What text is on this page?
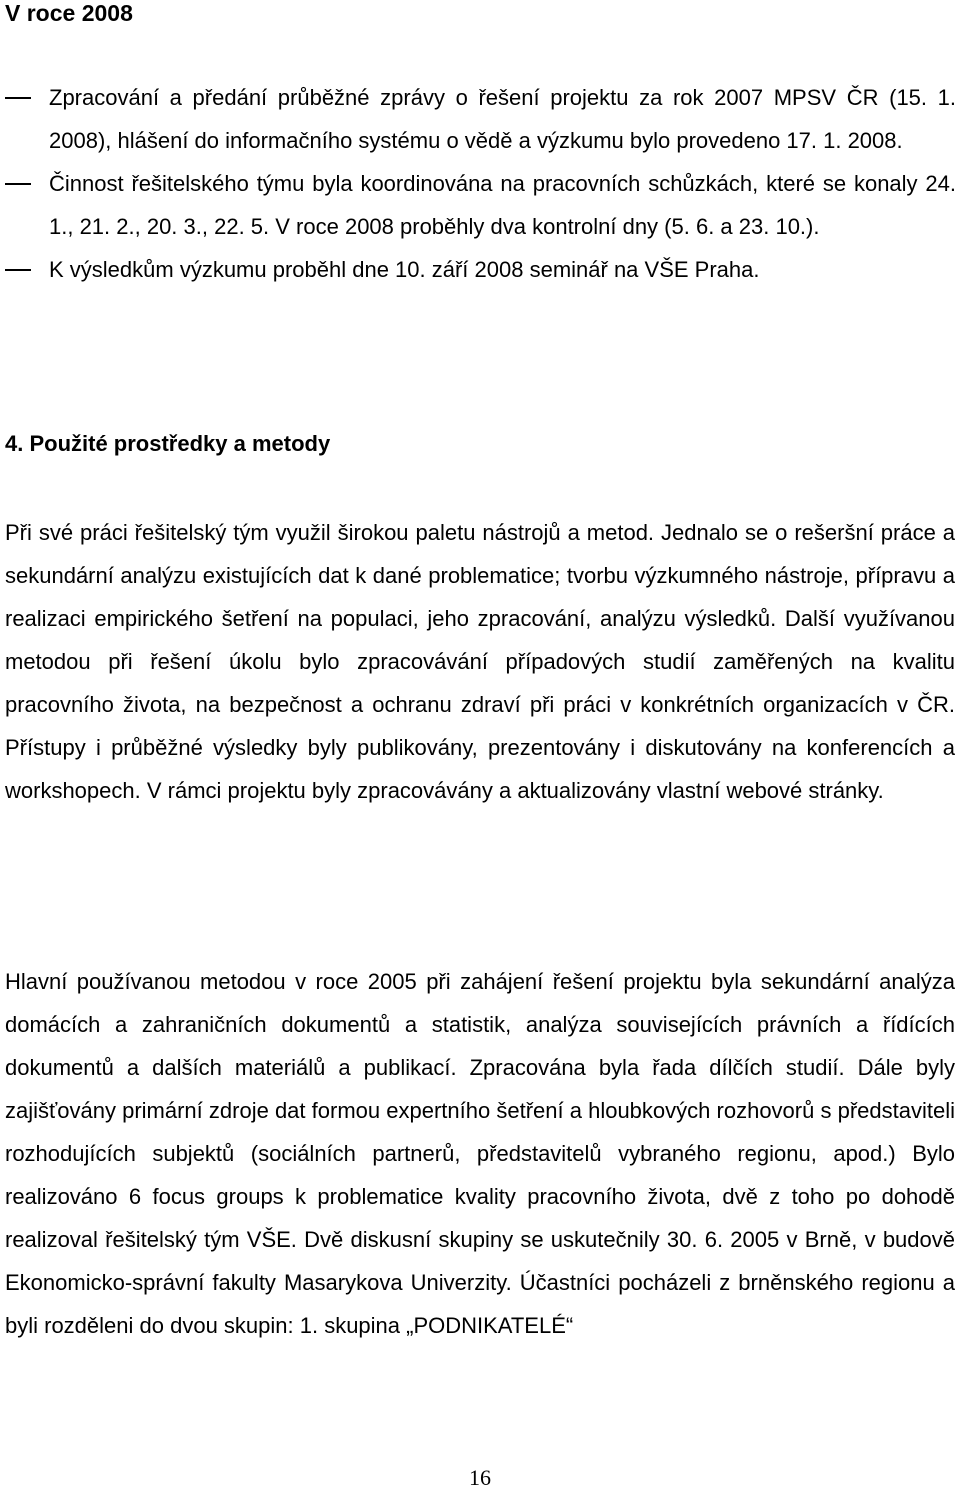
V roce 2008
Zpracování a předání průběžné zprávy o řešení projektu za rok 2007 MPSV ČR (15. 1. 2008), hlášení do informačního systému o vědě a výzkumu bylo provedeno 17. 1. 2008.
Činnost řešitelského týmu byla koordinována na pracovních schůzkách, které se konaly 24. 1., 21. 2., 20. 3., 22. 5. V roce 2008 proběhly dva kontrolní dny (5. 6. a 23. 10.).
K výsledkům výzkumu proběhl dne 10. září 2008 seminář na VŠE Praha.
4. Použité prostředky a metody

Při své práci řešitelský tým využil širokou paletu nástrojů a metod. Jednalo se o rešeršní práce a sekundární analýzu existujících dat k dané problematice; tvorbu výzkumného nástroje, přípravu a realizaci empirického šetření na populaci, jeho zpracování, analýzu výsledků. Další využívanou metodou při řešení úkolu bylo zpracovávání případových studií zaměřených na kvalitu pracovního života, na bezpečnost a ochranu zdraví při práci v konkrétních organizacích v ČR. Přístupy i průběžné výsledky byly publikovány, prezentovány i diskutovány na konferencích a workshopech. V rámci projektu byly zpracovávány a aktualizovány vlastní webové stránky.

Hlavní používanou metodou v roce 2005 při zahájení řešení projektu byla sekundární analýza domácích a zahraničních dokumentů a statistik, analýza souvisejících právních a řídících dokumentů a dalších materiálů a publikací. Zpracována byla řada dílčích studií. Dále byly zajišťovány primární zdroje dat formou expertního šetření a hloubkových rozhovorů s představiteli rozhodujících subjektů (sociálních partnerů, představitelů vybraného regionu, apod.) Bylo realizováno 6 focus groups k problematice kvality pracovního života, dvě z toho po dohodě realizoval řešitelský tým VŠE. Dvě diskusní skupiny se uskutečnily 30. 6. 2005 v Brně, v budově Ekonomicko-správní fakulty Masarykova Univerzity. Účastníci pocházeli z brněnského regionu a byli rozděleni do dvou skupin: 1. skupina „PODNIKATELÉ“

16
